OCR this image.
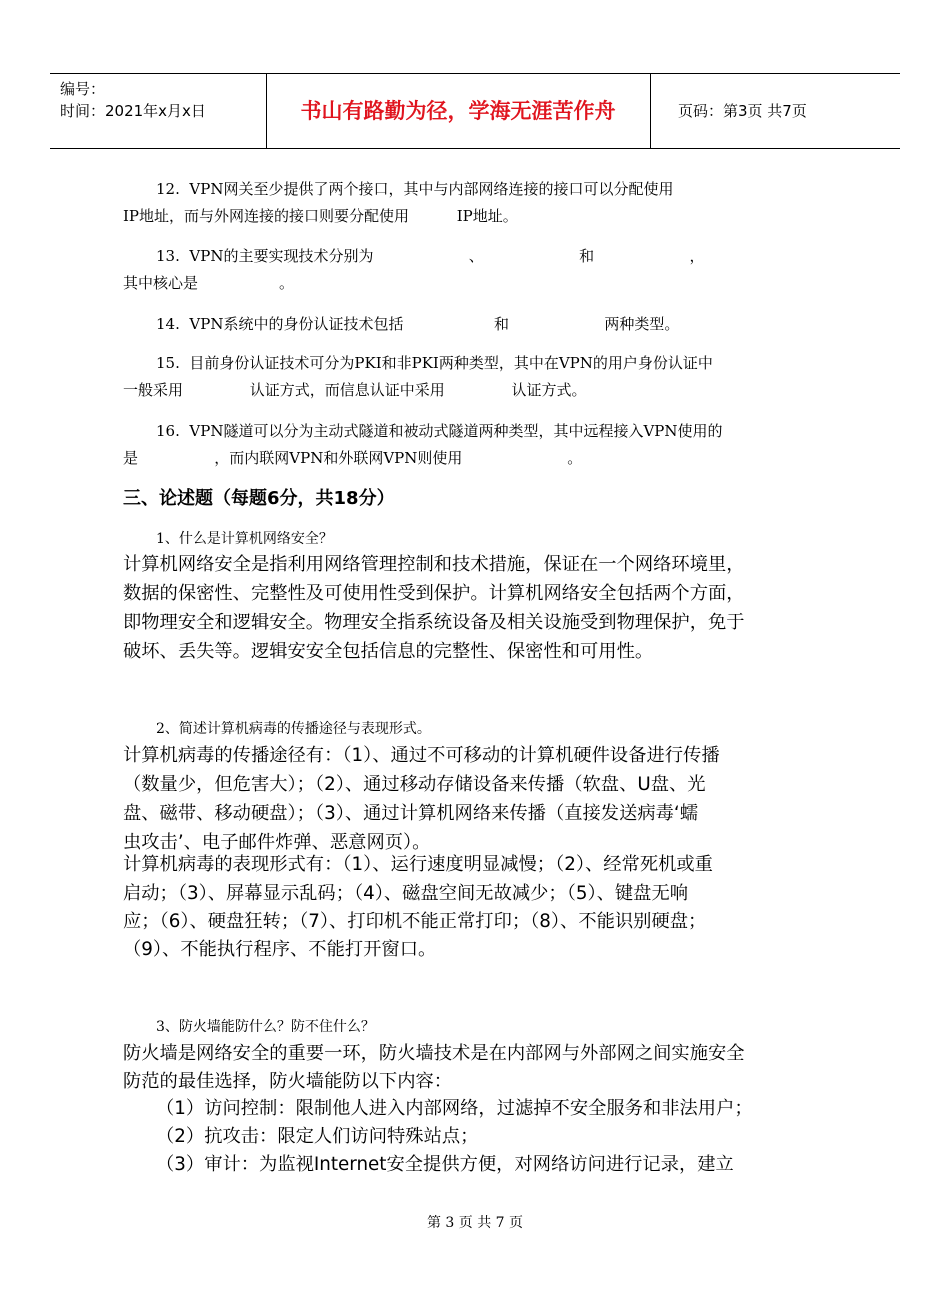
编号：
时间：2021年x月x日	书山有路勤为径，学海无涯苦作舟	页码：第3页 共7页
12.  VPN网关至少提供了两个接口，其中与内部网络连接的接口可以分配使用
IP地址，而与外网连接的接口则要分配使用          IP地址。
13.  VPN的主要实现技术分别为                    、                    和                    ，
其中核心是                 。
14.  VPN系统中的身份认证技术包括                   和                    两种类型。
15.  目前身份认证技术可分为PKI和非PKI两种类型，其中在VPN的用户身份认证中
一般采用              认证方式，而信息认证中采用              认证方式。
16.  VPN隧道可以分为主动式隧道和被动式隧道两种类型，其中远程接入VPN使用的
是                ，而内联网VPN和外联网VPN则使用                      。
三、论述题（每题6分，共18分）
1、什么是计算机网络安全？
计算机网络安全是指利用网络管理控制和技术措施，保证在一个网络环境里，
数据的保密性、完整性及可使用性受到保护。计算机网络安全包括两个方面，
即物理安全和逻辑安全。物理安全指系统设备及相关设施受到物理保护，免于
破坏、丢失等。逻辑安安全包括信息的完整性、保密性和可用性。
2、简述计算机病毒的传播途径与表现形式。
计算机病毒的传播途径有：（1）、通过不可移动的计算机硬件设备进行传播
（数量少，但危害大）；（2）、通过移动存储设备来传播（软盘、U盘、光
盘、磁带、移动硬盘）；（3）、通过计算机网络来传播（直接发送病毒‘蠕
虫攻击’、电子邮件炸弹、恶意网页）。
计算机病毒的表现形式有：（1）、运行速度明显减慢；（2）、经常死机或重
启动；（3）、屏幕显示乱码；（4）、磁盘空间无故减少；（5）、键盘无响
应；（6）、硬盘狂转；（7）、打印机不能正常打印；（8）、不能识别硬盘；
（9）、不能执行程序、不能打开窗口。
3、防火墙能防什么？防不住什么？
防火墙是网络安全的重要一环，防火墙技术是在内部网与外部网之间实施安全
防范的最佳选择，防火墙能防以下内容：
（1）访问控制：限制他人进入内部网络，过滤掉不安全服务和非法用户；
（2）抗攻击：限定人们访问特殊站点；
（3）审计：为监视Internet安全提供方便，对网络访问进行记录，建立
第 3 页 共 7 页
